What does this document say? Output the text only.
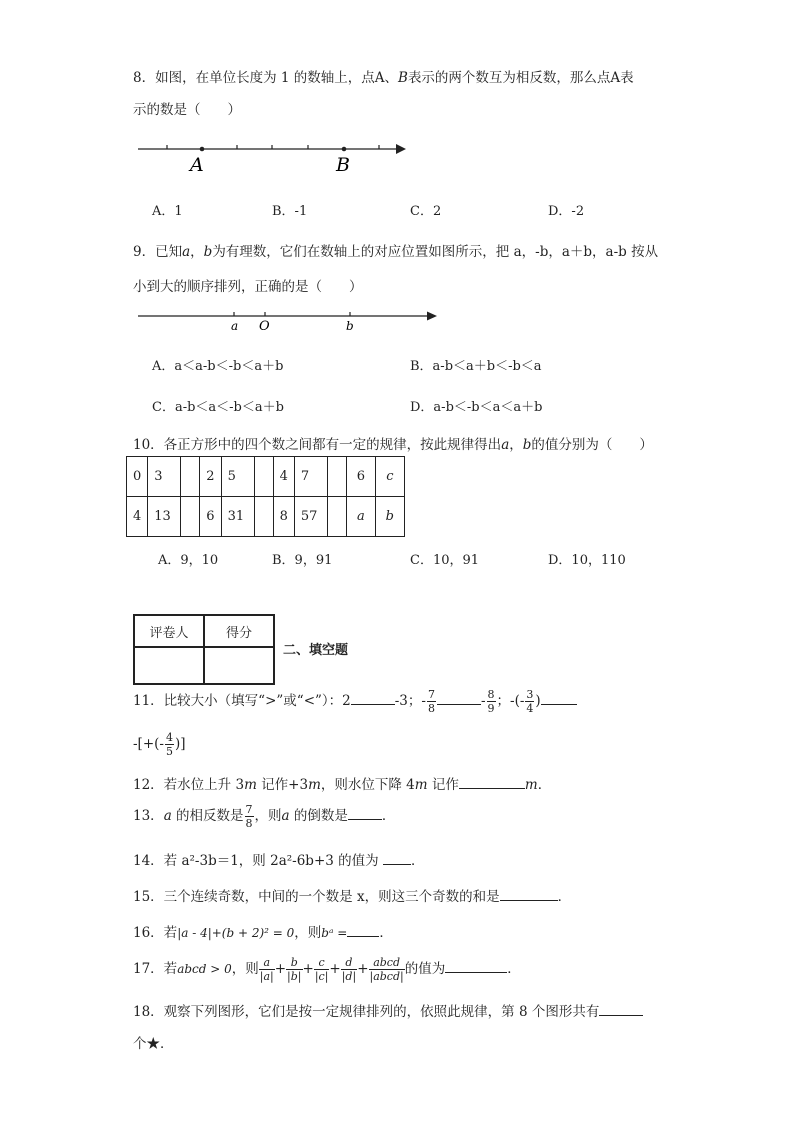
8．如图，在单位长度为 1 的数轴上，点A、B表示的两个数互为相反数，那么点A表
示的数是（　　）
A	B
A．1	B．-1	C．2	D．-2
9．已知a，b为有理数，它们在数轴上的对应位置如图所示，把 a，-b，a＋b，a-b 按从
小到大的顺序排列，正确的是（　　）
a O	b
A．a＜a-b＜-b＜a＋b	B．a-b＜a＋b＜-b＜a
C．a-b＜a＜-b＜a＋b	D．a-b＜-b＜a＜a＋b
10．各正方形中的四个数之间都有一定的规律，按此规律得出a，b的值分别为（　　）
0	3		2	5		4	7		6	c
4	13		6	31		8	57		a	b
A．9，10	B．9，91	C．10，91	D．10，110
评卷人	得分

二、填空题
11．比较大小（填写“>”或“<”）：2	-3；- $\frac{7}{8}$	- $\frac{8}{9}$ ；-(- $\frac{3}{4}$ )
-[+(- $\frac{4}{5}$ )]
12．若水位上升 3m 记作+3m，则水位下降 4m 记作	m．
13．a 的相反数是 $\frac{7}{8}$ ，则a 的倒数是	．
14．若 a²-3b＝1，则 2a²-6b+3 的值为 ．
15．三个连续奇数，中间的一个数是 x，则这三个奇数的和是	．
16．若|a - 4|+(b + 2)² = 0，则bᵃ = ．
17．若abcd > 0，则 $\frac{a}{|a|} + \frac{b}{|b|} + \frac{c}{|c|} + \frac{d}{|d|} + \frac{\text{abcd}}{\text{|abcd|}}$ 的值为	．
18．观察下列图形，它们是按一定规律排列的，依照此规律，第 8 个图形共有
个★．
